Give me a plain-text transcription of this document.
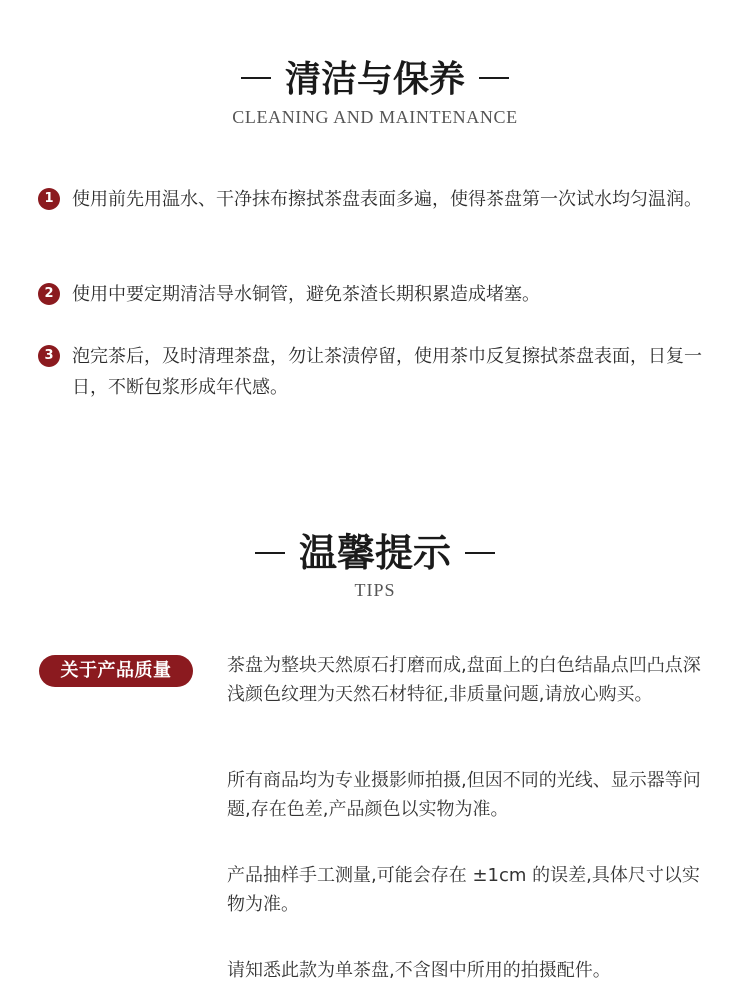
清洁与保养
CLEANING AND MAINTENANCE
1	使用前先用温水、干净抹布擦拭茶盘表面多遍，使得茶盘第一次试水均匀温润。
2	使用中要定期清洁导水铜管，避免茶渣长期积累造成堵塞。
3	泡完茶后，及时清理茶盘，勿让茶渍停留，使用茶巾反复擦拭茶盘表面，日复一日，不断包浆形成年代感。
温馨提示
TIPS
关于产品质量	茶盘为整块天然原石打磨而成,盘面上的白色结晶点凹凸点深浅颜色纹理为天然石材特征,非质量问题,请放心购买。
所有商品均为专业摄影师拍摄,但因不同的光线、显示器等问题,存在色差,产品颜色以实物为准。
产品抽样手工测量,可能会存在 ±1cm 的误差,具体尺寸以实物为准。
请知悉此款为单茶盘,不含图中所用的拍摄配件。
